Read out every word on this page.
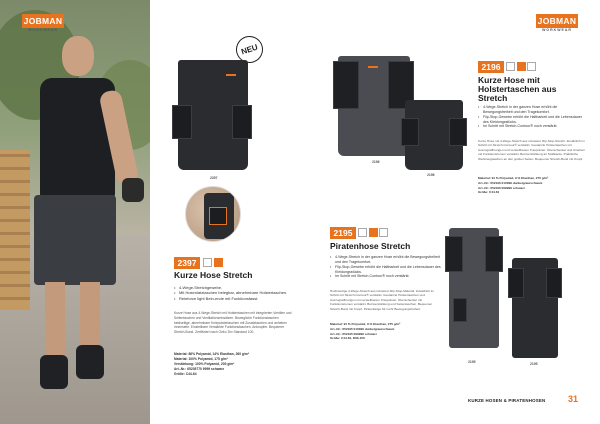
JOBMAN
WORKWEAR
NEU
2397
2397
Kurze Hose Stretch
• 4-Wege-Stretchgewebe.
• Mit Hosenlatztaschen belegbar, abnehmbare Holstertaschen.
• Reinforce light Bein-ende mit Funktionsfasst.
Kurze Hose aus 4-Wege-Stretch mit Holstertaschen mit integrierten Ventilen und Seitentaschen und Ventilationseinsätzen. Bewegliche Funktionstaschen beidseitige, abnehmbare Kniepolstertaschen mit Zusatztaschen und anheben innenseite. Einstellbare Verstärkte Funktionstaschen, Anknopfer. Bequemer Stretch-Bund. Zertifiziert nach Oeko-Tex Standard 100.
Material: 86% Polyamid, 14% Elasthan, 260 g/m²
Material: 100% Polyamid, 175 g/m²
Verstärkung: 100% Polyamid, 200 g/m²
Art.-Nr.: 65239770 9999 schwarz
Größe: C44-64
JOBMAN
WORKWEAR
2196
2196
2196
Kurze Hose mit Holstertaschen aus Stretch
• 4-Wege-Stretch in der ganzen Hose erhöht die Bewegungsfreiheit und den Tragekomfort.
• Flip-Stop-Gewebe erhöht die Haltbarkeit und die Lebensdauer des Kleidungsstücks.
• Im Schritt mit Stretch-Contour® noch verstärkt.
Kurze Hose mit 4-Wege-Stretch aus robustem Rip-Stop-Stretch. Zusätzlich im Schritt mit Stretch-Contour® verstärkt. Gestanzte Holstertaschen mit Auszugsöffnungen und verstellbarem Kniepolster. Oberschenkel und Unterteil mit Funktionsriemen verstärkt. Beinverstärkung an Stoßkante. Praktische Werkzeugtaschen an den großen Seiten. Bequemer Stretch-Bund mit Knopf.
Material: 91 % Polyamid, 9 % Elasthan, 275 g/m²
Art.-Nr.: 652196 010099 dunkelgrau/schwarz
Art.-Nr.: 652196 099999 schwarz
Größe: C44-64
2195
Piratenhose Stretch
• 4-Wege-Stretch in der ganzen Hose erhöht die Bewegungsfreiheit und den Tragekomfort.
• Flip-Stop-Gewebe erhöht die Haltbarkeit und die Lebensdauer des Kleidungsstücks.
• Im Schritt mit Stretch-Contour® noch verstärkt.
Hochwertige 4-Wege-Stretch aus robustem Rip-Stop-Material. Zusätzlich im Schritt mit Stretch-Contour® verstärkt. Gestanzte Holstertaschen und Auszugsöffnungen mit verstellbarem Kniepolster. Oberschenkel mit Funktionsriemen verstärkt. Beinverstärkung und Seitentaschen. Bequemer Stretch-Bund mit Knopf. Piratenlänge für mehr Bewegungsfreiheit.
Material: 91 % Polyamid, 9 % Elasthan, 275 g/m²
Art.-Nr.: 652195 010099 dunkelgrau/schwarz
Art.-Nr.: 652195 099999 schwarz
Größe: C44-64, D96-156
2195	2195
KURZE HOSEN & PIRATENHOSEN	31
